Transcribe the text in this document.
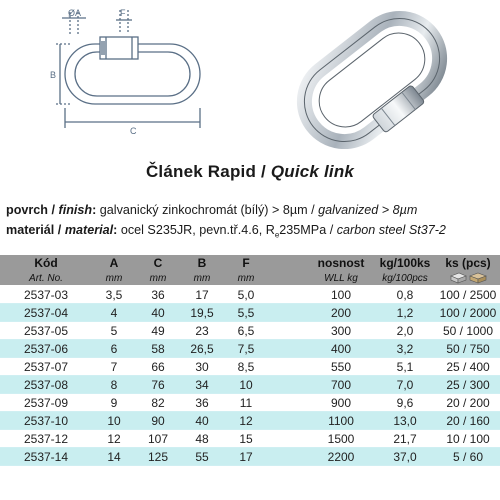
ØA	F
B
C
Článek Rapid / Quick link
povrch / finish: galvanický zinkochromát (bílý) > 8µm / galvanized > 8µm
materiál / material: ocel S235JR, pevn.tř.4.6, $R_e235MPa$ / carbon steel St37-2
Kód	A	C	B	F		nosnost	kg/100ks	ks (pcs)
Art. No.	mm	mm	mm	mm		WLL kg	kg/100pcs	
2537-03	3,5	36	17	5,0		100	0,8	100 / 2500
2537-04	4	40	19,5	5,5		200	1,2	100 / 2000
2537-05	5	49	23	6,5		300	2,0	50 / 1000
2537-06	6	58	26,5	7,5		400	3,2	50 / 750
2537-07	7	66	30	8,5		550	5,1	25 / 400
2537-08	8	76	34	10		700	7,0	25 / 300
2537-09	9	82	36	11		900	9,6	20 / 200
2537-10	10	90	40	12		1100	13,0	20 / 160
2537-12	12	107	48	15		1500	21,7	10 / 100
2537-14	14	125	55	17		2200	37,0	5 / 60
